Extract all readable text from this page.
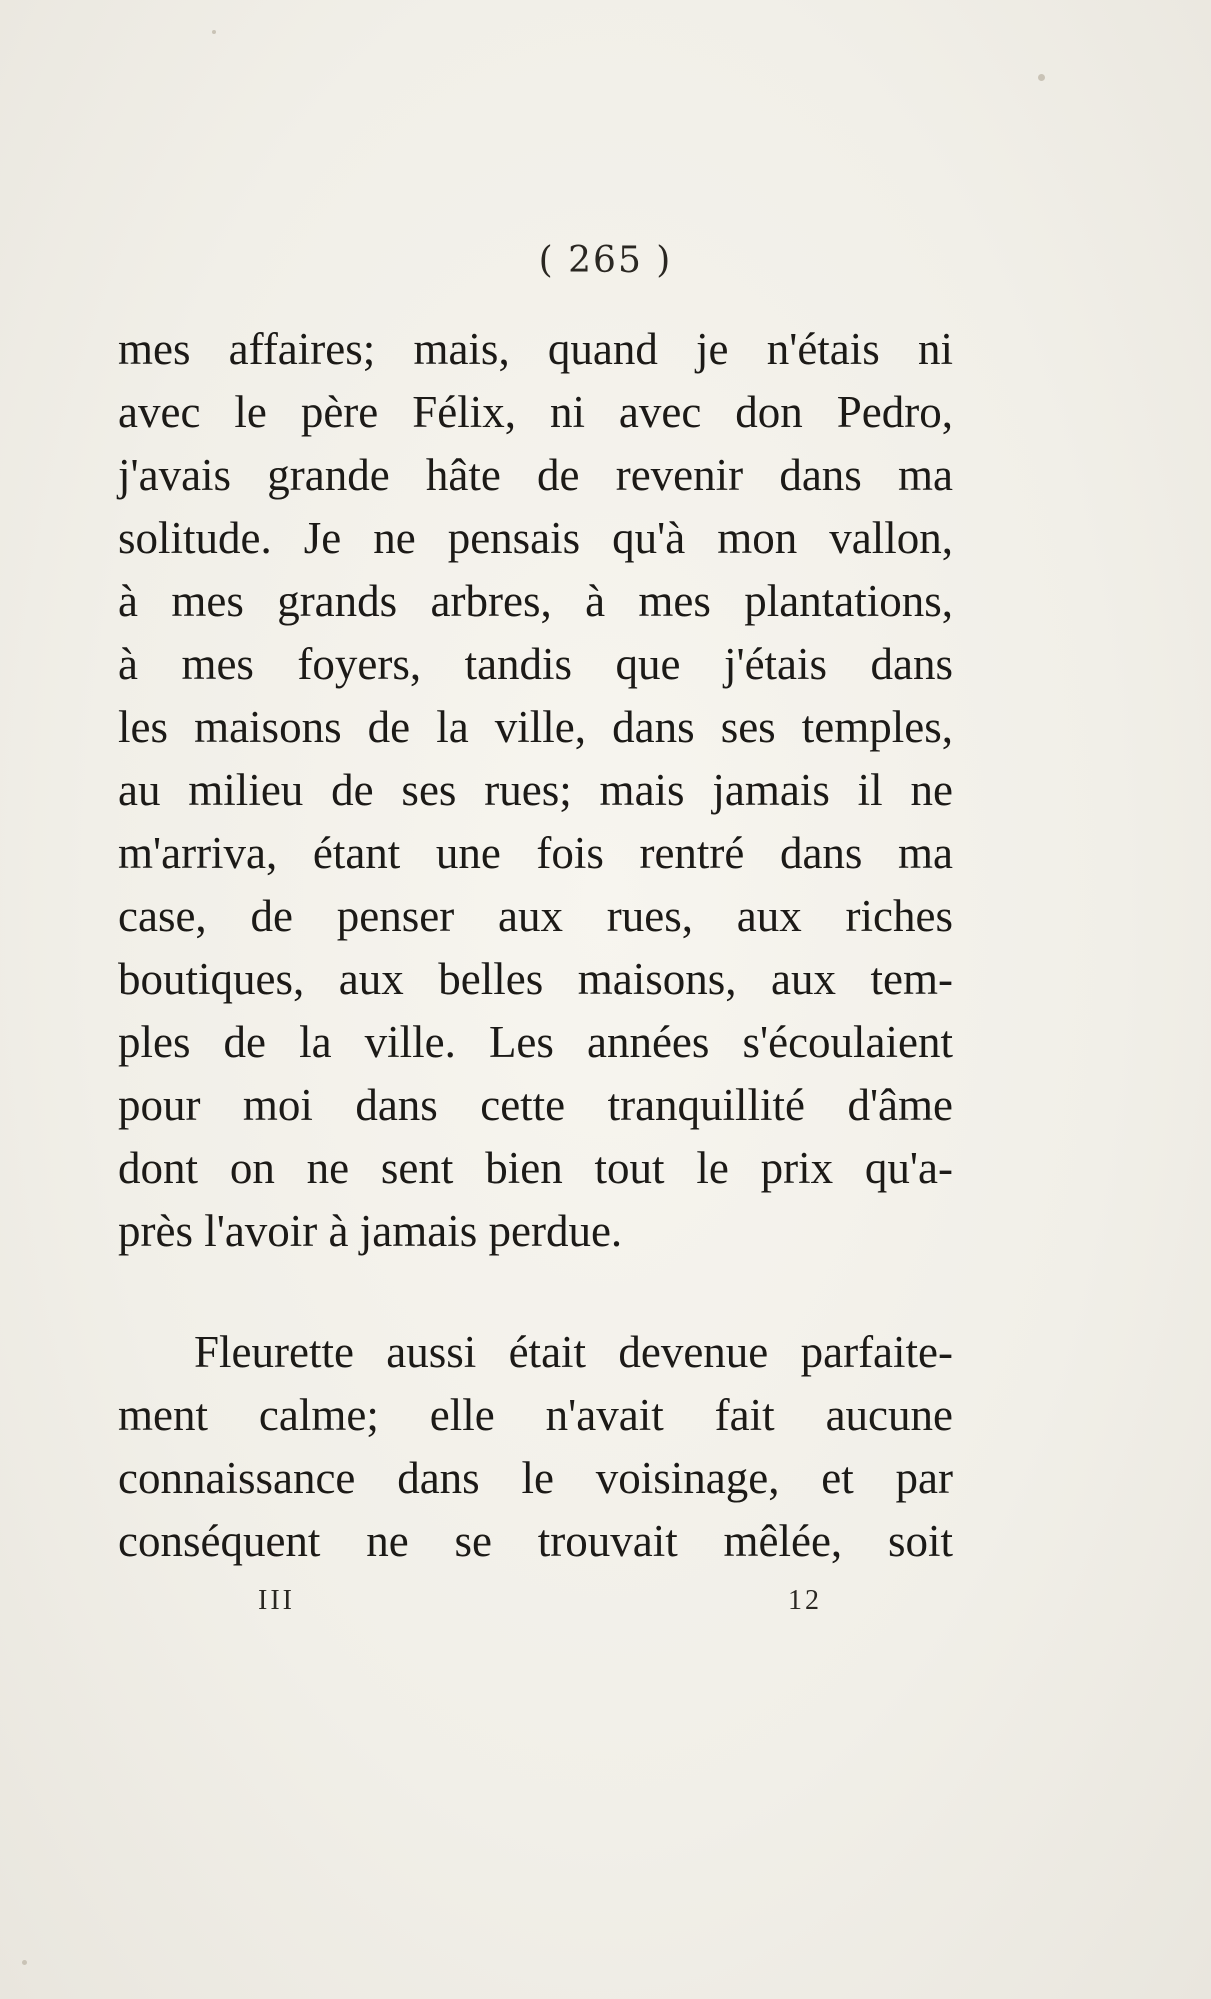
( 265 )
mes affaires; mais, quand je n'étais ni
avec le père Félix, ni avec don Pedro,
j'avais grande hâte de revenir dans ma
solitude. Je ne pensais qu'à mon vallon,
à mes grands arbres, à mes plantations,
à mes foyers, tandis que j'étais dans
les maisons de la ville, dans ses temples,
au milieu de ses rues; mais jamais il ne
m'arriva, étant une fois rentré dans ma
case, de penser aux rues, aux riches
boutiques, aux belles maisons, aux tem-
ples de la ville. Les années s'écoulaient
pour moi dans cette tranquillité d'âme
dont on ne sent bien tout le prix qu'a-
près l'avoir à jamais perdue.
Fleurette aussi était devenue parfaite-
ment calme; elle n'avait fait aucune
connaissance dans le voisinage, et par
conséquent ne se trouvait mêlée, soit
III	12
